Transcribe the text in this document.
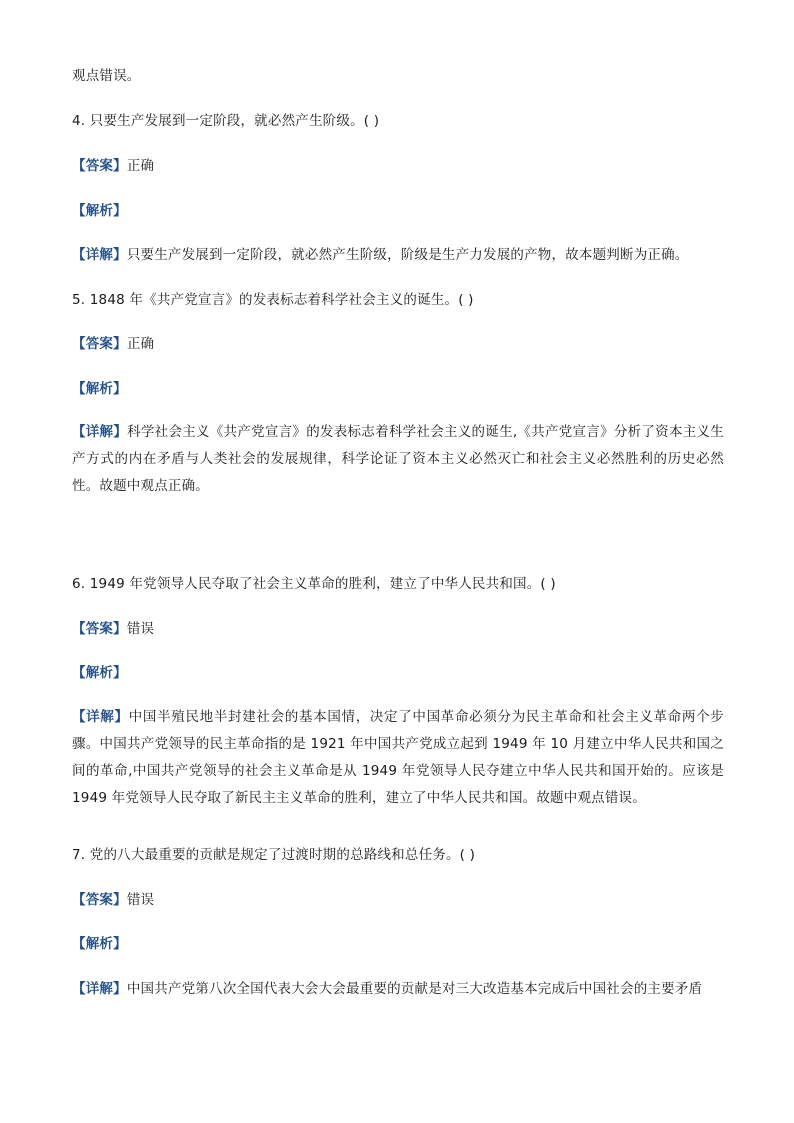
观点错误。
4. 只要生产发展到一定阶段，就必然产生阶级。( )
【答案】正确
【解析】
【详解】只要生产发展到一定阶段，就必然产生阶级，阶级是生产力发展的产物，故本题判断为正确。
5. 1848 年《共产党宣言》的发表标志着科学社会主义的诞生。( )
【答案】正确
【解析】
【详解】科学社会主义《共产党宣言》的发表标志着科学社会主义的诞生,《共产党宣言》分析了资本主义生产方式的内在矛盾与人类社会的发展规律，科学论证了资本主义必然灭亡和社会主义必然胜利的历史必然性。故题中观点正确。
6. 1949 年党领导人民夺取了社会主义革命的胜利，建立了中华人民共和国。( )
【答案】错误
【解析】
【详解】中国半殖民地半封建社会的基本国情，决定了中国革命必须分为民主革命和社会主义革命两个步骤。中国共产党领导的民主革命指的是 1921 年中国共产党成立起到 1949 年 10 月建立中华人民共和国之间的革命,中国共产党领导的社会主义革命是从 1949 年党领导人民夺建立中华人民共和国开始的。应该是 1949 年党领导人民夺取了新民主主义革命的胜利，建立了中华人民共和国。故题中观点错误。
7. 党的八大最重要的贡献是规定了过渡时期的总路线和总任务。( )
【答案】错误
【解析】
【详解】中国共产党第八次全国代表大会大会最重要的贡献是对三大改造基本完成后中国社会的主要矛盾
